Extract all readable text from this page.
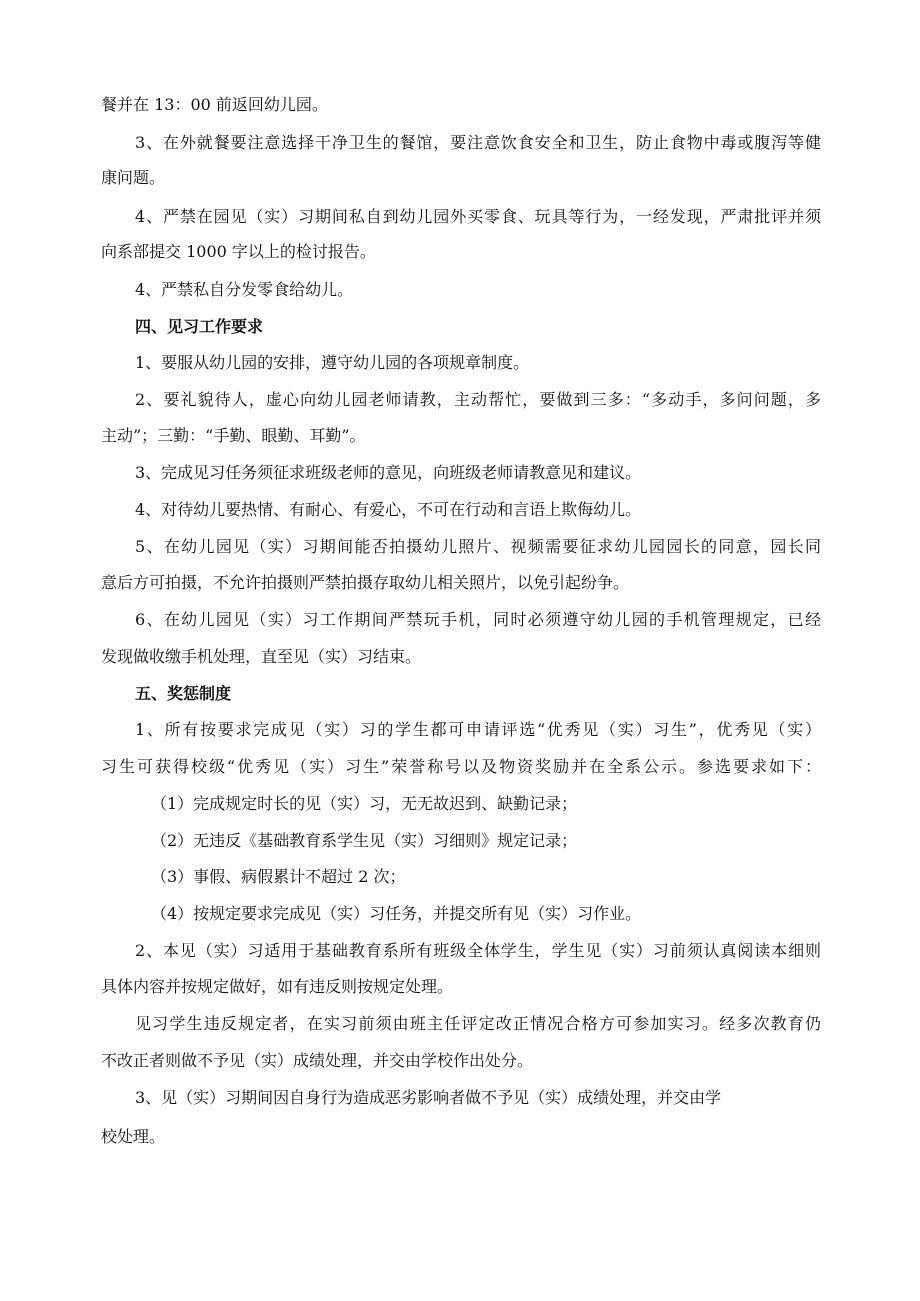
餐并在 13：00 前返回幼儿园。
3、在外就餐要注意选择干净卫生的餐馆，要注意饮食安全和卫生，防止食物中毒或腹泻等健
康问题。
4、严禁在园见（实）习期间私自到幼儿园外买零食、玩具等行为，一经发现，严肃批评并须
向系部提交 1000 字以上的检讨报告。
4、严禁私自分发零食给幼儿。
四、见习工作要求
1、要服从幼儿园的安排，遵守幼儿园的各项规章制度。
2、要礼貌待人，虚心向幼儿园老师请教，主动帮忙，要做到三多：“多动手，多问问题，多
主动”；三勤：“手勤、眼勤、耳勤”。
3、完成见习任务须征求班级老师的意见，向班级老师请教意见和建议。
4、对待幼儿要热情、有耐心、有爱心，不可在行动和言语上欺侮幼儿。
5、在幼儿园见（实）习期间能否拍摄幼儿照片、视频需要征求幼儿园园长的同意，园长同
意后方可拍摄，不允许拍摄则严禁拍摄存取幼儿相关照片，以免引起纷争。
6、在幼儿园见（实）习工作期间严禁玩手机，同时必须遵守幼儿园的手机管理规定，已经
发现做收缴手机处理，直至见（实）习结束。
五、奖惩制度
1、所有按要求完成见（实）习的学生都可申请评选“优秀见（实）习生”，优秀见（实）
习生可获得校级“优秀见（实）习生”荣誉称号以及物资奖励并在全系公示。参选要求如下：
（1）完成规定时长的见（实）习，无无故迟到、缺勤记录；
（2）无违反《基础教育系学生见（实）习细则》规定记录；
（3）事假、病假累计不超过 2 次；
（4）按规定要求完成见（实）习任务，并提交所有见（实）习作业。
2、本见（实）习适用于基础教育系所有班级全体学生，学生见（实）习前须认真阅读本细则
具体内容并按规定做好，如有违反则按规定处理。
见习学生违反规定者，在实习前须由班主任评定改正情况合格方可参加实习。经多次教育仍
不改正者则做不予见（实）成绩处理，并交由学校作出处分。
3、见（实）习期间因自身行为造成恶劣影响者做不予见（实）成绩处理，并交由学
校处理。
